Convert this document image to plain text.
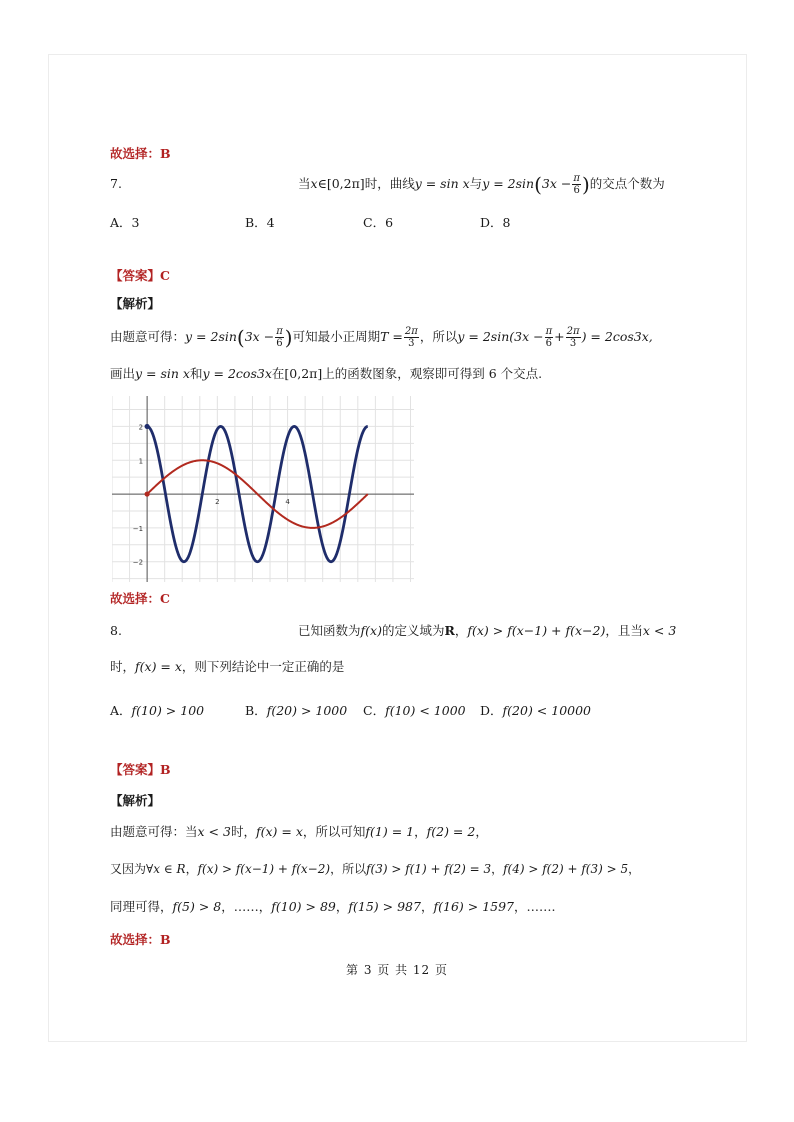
故选择：B
7.	当x∈[0,2π]时，曲线y = sin x与$y = 2\sin(3x - \frac{\pi}{6}$ )的交点个数为
A．3	B．4	C．6	D．8
【答案】C
【解析】
由题意可得：$y = 2\sin(3x - \frac{\pi}{6}$ )可知最小正周期$T = \frac{2\pi}{3}$ ，所以$y = 2\sin(3x - \frac{\pi}{6} + \frac{2\pi}{3}$ ) = 2cos3x,
画出y = sin x和y = 2cos3x在[0,2π]上的函数图象，观察即可得到 6 个交点.
2	4
2
1
−1
−2
故选择：C
8.	已知函数为f(x)的定义域为R，f(x) > f(x−1) + f(x−2)，且当x < 3
时，f(x) = x，则下列结论中一定正确的是
A．f(10) > 100	B．f(20) > 1000 C．f(10) < 1000 D．f(20) < 10000
【答案】B
【解析】
由题意可得：当x < 3时，f(x) = x，所以可知f(1) = 1，f(2) = 2，
又因为∀x ∈ R，f(x) > f(x−1) + f(x−2)，所以f(3) > f(1) + f(2) = 3，f(4) > f(2) + f(3) > 5，
同理可得，f(5) > 8，……，f(10) > 89，f(15) > 987，f(16) > 1597，…….
故选择：B
第 3 页 共 12 页
